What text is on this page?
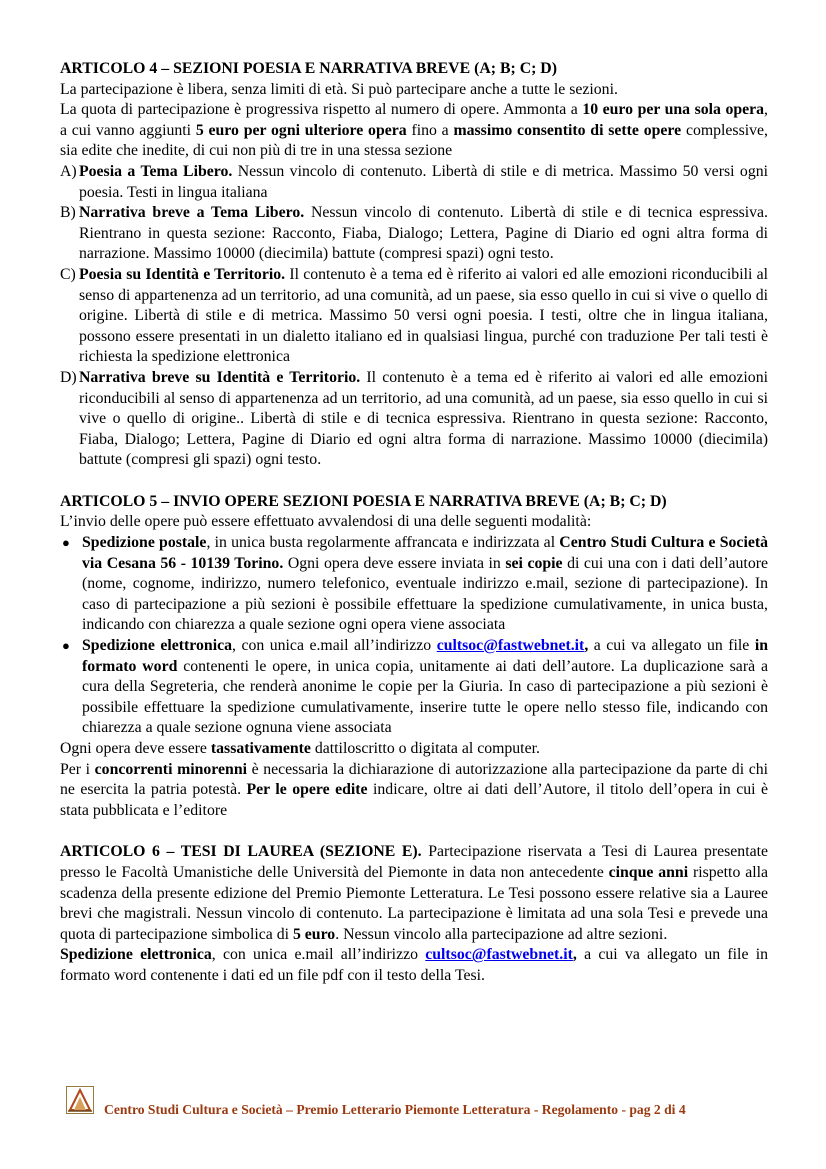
ARTICOLO 4 – SEZIONI POESIA E NARRATIVA BREVE (A; B; C; D)

La partecipazione è libera, senza limiti di età. Si può partecipare anche a tutte le sezioni.

La quota di partecipazione è progressiva rispetto al numero di opere. Ammonta a 10 euro per una sola opera, a cui vanno aggiunti 5 euro per ogni ulteriore opera fino a massimo consentito di sette opere complessive, sia edite che inedite, di cui non più di tre in una stessa sezione

A) Poesia a Tema Libero. Nessun vincolo di contenuto. Libertà di stile e di metrica. Massimo 50 versi ogni poesia. Testi in lingua italiana
B) Narrativa breve a Tema Libero. Nessun vincolo di contenuto. Libertà di stile e di tecnica espressiva. Rientrano in questa sezione: Racconto, Fiaba, Dialogo; Lettera, Pagine di Diario ed ogni altra forma di narrazione. Massimo 10000 (diecimila) battute (compresi spazi) ogni testo.
C) Poesia su Identità e Territorio. Il contenuto è a tema ed è riferito ai valori ed alle emozioni riconducibili al senso di appartenenza ad un territorio, ad una comunità, ad un paese, sia esso quello in cui si vive o quello di origine. Libertà di stile e di metrica. Massimo 50 versi ogni poesia. I testi, oltre che in lingua italiana, possono essere presentati in un dialetto italiano ed in qualsiasi lingua, purché con traduzione Per tali testi è richiesta la spedizione elettronica
D) Narrativa breve su Identità e Territorio. Il contenuto è a tema ed è riferito ai valori ed alle emozioni riconducibili al senso di appartenenza ad un territorio, ad una comunità, ad un paese, sia esso quello in cui si vive o quello di origine.. Libertà di stile e di tecnica espressiva. Rientrano in questa sezione: Racconto, Fiaba, Dialogo; Lettera, Pagine di Diario ed ogni altra forma di narrazione. Massimo 10000 (diecimila) battute (compresi gli spazi) ogni testo.
ARTICOLO 5 – INVIO OPERE SEZIONI POESIA E NARRATIVA BREVE (A; B; C; D)

L’invio delle opere può essere effettuato avvalendosi di una delle seguenti modalità:

● Spedizione postale, in unica busta regolarmente affrancata e indirizzata al Centro Studi Cultura e Società via Cesana 56 - 10139 Torino. Ogni opera deve essere inviata in sei copie di cui una con i dati dell’autore (nome, cognome, indirizzo, numero telefonico, eventuale indirizzo e.mail, sezione di partecipazione). In caso di partecipazione a più sezioni è possibile effettuare la spedizione cumulativamente, in unica busta, indicando con chiarezza a quale sezione ogni opera viene associata
● Spedizione elettronica, con unica e.mail all’indirizzo cultsoc@fastwebnet.it, a cui va allegato un file in formato word contenenti le opere, in unica copia, unitamente ai dati dell’autore. La duplicazione sarà a cura della Segreteria, che renderà anonime le copie per la Giuria. In caso di partecipazione a più sezioni è possibile effettuare la spedizione cumulativamente, inserire tutte le opere nello stesso file, indicando con chiarezza a quale sezione ognuna viene associata

Ogni opera deve essere tassativamente dattiloscritto o digitata al computer.

Per i concorrenti minorenni è necessaria la dichiarazione di autorizzazione alla partecipazione da parte di chi ne esercita la patria potestà. Per le opere edite indicare, oltre ai dati dell’Autore, il titolo dell’opera in cui è stata pubblicata e l’editore

ARTICOLO 6 – TESI DI LAUREA (SEZIONE E). Partecipazione riservata a Tesi di Laurea presentate presso le Facoltà Umanistiche delle Università del Piemonte in data non antecedente cinque anni rispetto alla scadenza della presente edizione del Premio Piemonte Letteratura. Le Tesi possono essere relative sia a Lauree brevi che magistrali. Nessun vincolo di contenuto. La partecipazione è limitata ad una sola Tesi e prevede una quota di partecipazione simbolica di 5 euro. Nessun vincolo alla partecipazione ad altre sezioni.

Spedizione elettronica, con unica e.mail all’indirizzo cultsoc@fastwebnet.it, a cui va allegato un file in formato word contenente i dati ed un file pdf con il testo della Tesi.

Centro Studi Cultura e Società – Premio Letterario Piemonte Letteratura - Regolamento - pag 2 di 4
